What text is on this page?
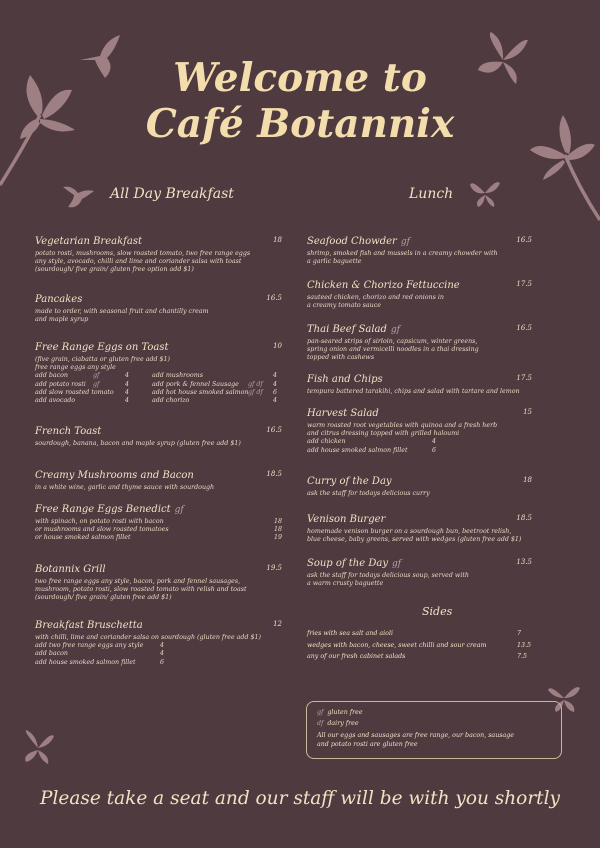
Welcome to
Café Botannix
All Day Breakfast	Lunch
Vegetarian Breakfast	18
potato rosti, mushrooms, slow roasted tomato, two free range eggs
any style, avocado, chilli and lime and coriander salsa with toast
(sourdough/ five grain/ gluten free option add $1)
Pancakes	16.5
made to order, with seasonal fruit and chantilly cream
and maple syrup
Free Range Eggs on Toast	10
(five grain, ciabatta or gluten free add $1)
free range eggs any style
add bacon	gf	4	add mushrooms	4
add potato rosti gf	4	add pork & fennel Sausage gf df 4
add slow roasted tomato 4	add hot house smoked salmon gf df 6
add avocado	4	add chorizo	4
French Toast	16.5
sourdough, banana, bacon and maple syrup (gluten free add $1)
Creamy Mushrooms and Bacon	18.5
in a white wine, garlic and thyme sauce with sourdough
Free Range Eggs Benedict gf
with spinach, on potato rosti with bacon	18
or mushrooms and slow roasted tomatoes	18
or house smoked salmon fillet	19
Botannix Grill	19.5
two free range eggs any style, bacon, pork and fennel sausages,
mushroom, potato rosti, slow roasted tomato with relish and toast
(sourdough/ five grain/ gluten free add $1)
Breakfast Bruschetta	12
with chilli, lime and coriander salsa on sourdough (gluten free add $1)
add two free range eggs any style	4
add bacon	4
add house smoked salmon fillet	6
Seafood Chowder gf	16.5
shrimp, smoked fish and mussels in a creamy chowder with
a garlic baguette
Chicken & Chorizo Fettuccine	17.5
sauteed chicken, chorizo and red onions in
a creamy tomato sauce
Thai Beef Salad gf	16.5
pan-seared strips of sirloin, capsicum, winter greens,
spring onion and vermicelli noodles in a thai dressing
topped with cashews
Fish and Chips	17.5
tempura battered tarakihi, chips and salad with tartare and lemon
Harvest Salad	15
warm roasted root vegetables with quinoa and a fresh herb
and citrus dressing topped with grilled haloumi
add chicken	4
add house smoked salmon fillet	6
Curry of the Day	18
ask the staff for todays delicious curry
Venison Burger	18.5
homemade venison burger on a sourdough bun, beetroot relish,
blue cheese, baby greens, served with wedges (gluten free add $1)
Soup of the Day gf	13.5
ask the staff for todays delicious soup, served with
a warm crusty baguette
Sides
fries with sea salt and aioli	7
wedges with bacon, cheese, sweet chilli and sour cream	13.5
any of our fresh cabinet salads	7.5
gf gluten free
df dairy free
All our eggs and sausages are free range, our bacon, sausage
and potato rosti are gluten free
Please take a seat and our staff will be with you shortly
